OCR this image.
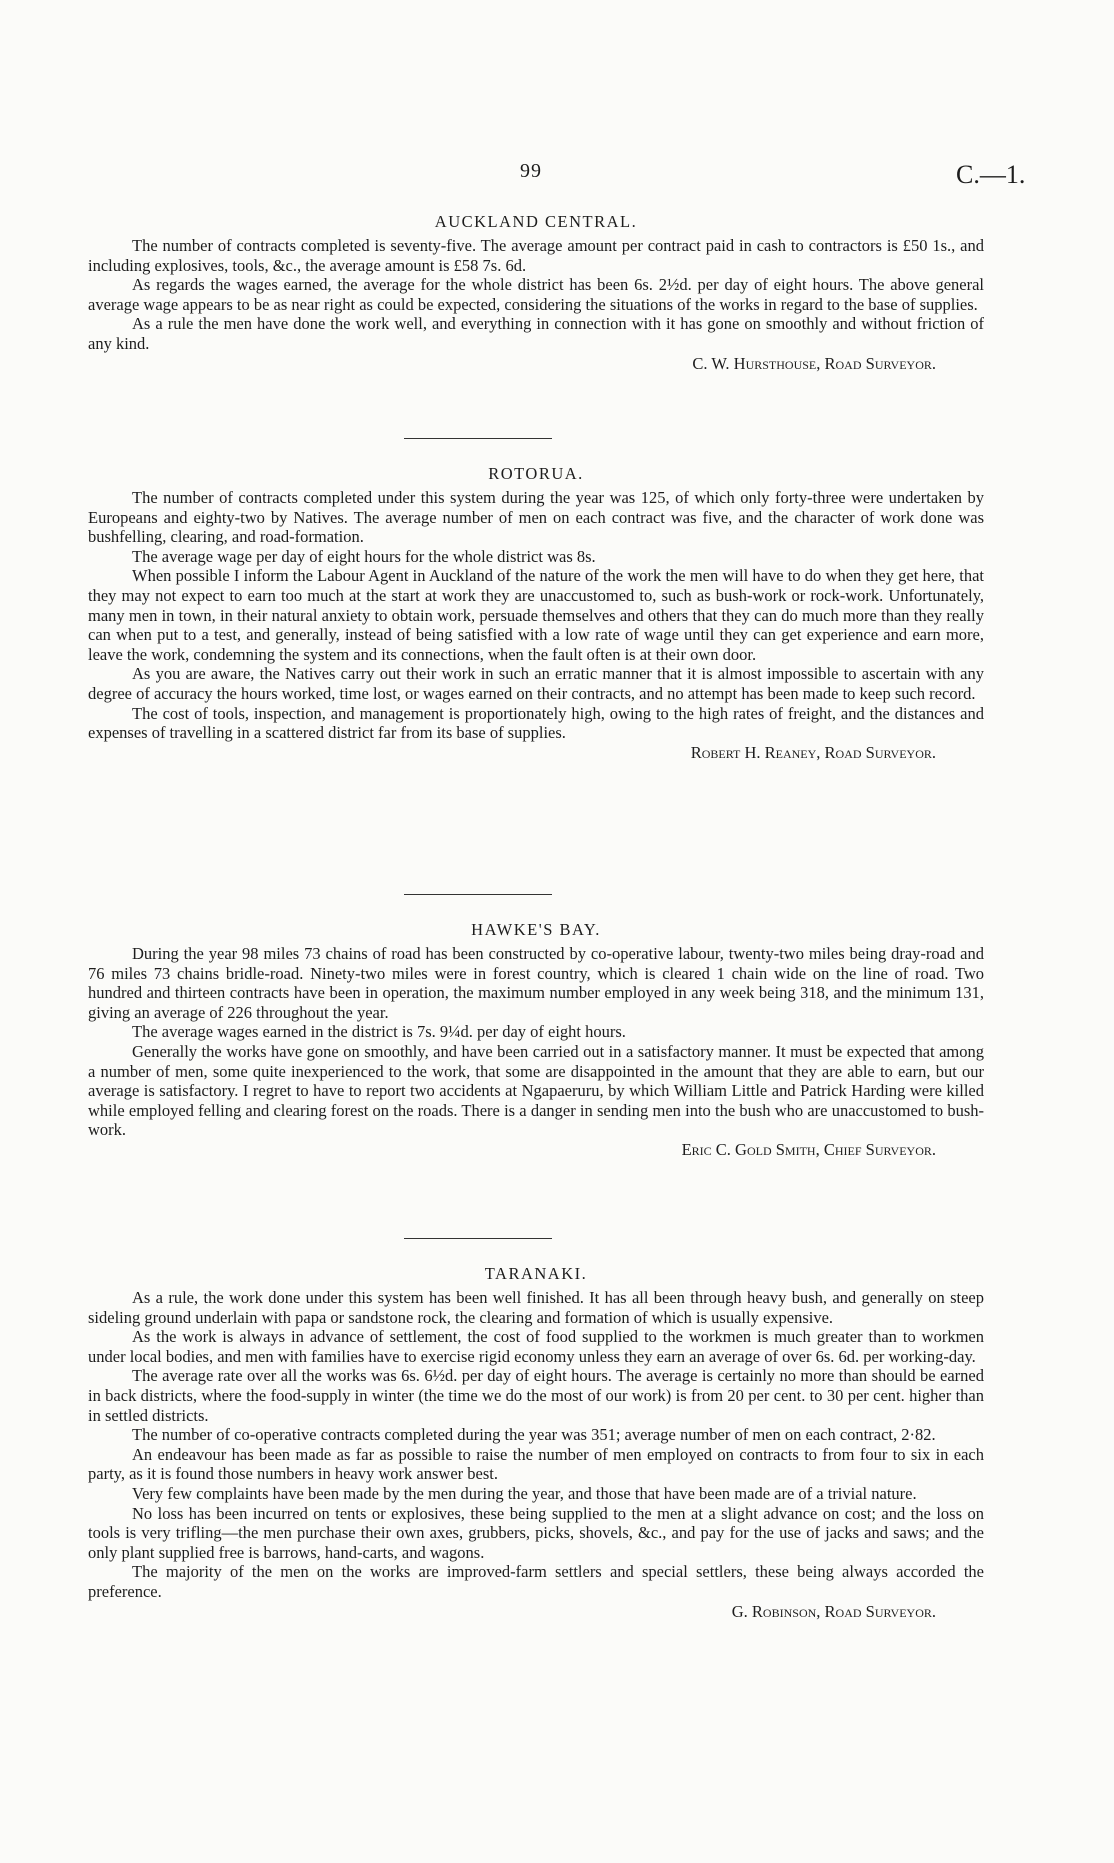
99	C.—1.
AUCKLAND CENTRAL.

The number of contracts completed is seventy-five. The average amount per contract paid in cash to contractors is £50 1s., and including explosives, tools, &c., the average amount is £58 7s. 6d.

As regards the wages earned, the average for the whole district has been 6s. 2½d. per day of eight hours. The above general average wage appears to be as near right as could be expected, considering the situations of the works in regard to the base of supplies.

As a rule the men have done the work well, and everything in connection with it has gone on smoothly and without friction of any kind.

C. W. Hursthouse, Road Surveyor.

ROTORUA.

The number of contracts completed under this system during the year was 125, of which only forty-three were undertaken by Europeans and eighty-two by Natives. The average number of men on each contract was five, and the character of work done was bushfelling, clearing, and road-formation.

The average wage per day of eight hours for the whole district was 8s.

When possible I inform the Labour Agent in Auckland of the nature of the work the men will have to do when they get here, that they may not expect to earn too much at the start at work they are unaccustomed to, such as bush-work or rock-work. Unfortunately, many men in town, in their natural anxiety to obtain work, persuade themselves and others that they can do much more than they really can when put to a test, and generally, instead of being satisfied with a low rate of wage until they can get experience and earn more, leave the work, condemning the system and its connections, when the fault often is at their own door.

As you are aware, the Natives carry out their work in such an erratic manner that it is almost impossible to ascertain with any degree of accuracy the hours worked, time lost, or wages earned on their contracts, and no attempt has been made to keep such record.

The cost of tools, inspection, and management is proportionately high, owing to the high rates of freight, and the distances and expenses of travelling in a scattered district far from its base of supplies.

Robert H. Reaney, Road Surveyor.

HAWKE'S BAY.

During the year 98 miles 73 chains of road has been constructed by co-operative labour, twenty-two miles being dray-road and 76 miles 73 chains bridle-road. Ninety-two miles were in forest country, which is cleared 1 chain wide on the line of road. Two hundred and thirteen contracts have been in operation, the maximum number employed in any week being 318, and the minimum 131, giving an average of 226 throughout the year.

The average wages earned in the district is 7s. 9¼d. per day of eight hours.

Generally the works have gone on smoothly, and have been carried out in a satisfactory manner. It must be expected that among a number of men, some quite inexperienced to the work, that some are disappointed in the amount that they are able to earn, but our average is satisfactory. I regret to have to report two accidents at Ngapaeruru, by which William Little and Patrick Harding were killed while employed felling and clearing forest on the roads. There is a danger in sending men into the bush who are unaccustomed to bush-work.

Eric C. Gold Smith, Chief Surveyor.

TARANAKI.

As a rule, the work done under this system has been well finished. It has all been through heavy bush, and generally on steep sideling ground underlain with papa or sandstone rock, the clearing and formation of which is usually expensive.

As the work is always in advance of settlement, the cost of food supplied to the workmen is much greater than to workmen under local bodies, and men with families have to exercise rigid economy unless they earn an average of over 6s. 6d. per working-day.

The average rate over all the works was 6s. 6½d. per day of eight hours. The average is certainly no more than should be earned in back districts, where the food-supply in winter (the time we do the most of our work) is from 20 per cent. to 30 per cent. higher than in settled districts.

The number of co-operative contracts completed during the year was 351; average number of men on each contract, 2·82.

An endeavour has been made as far as possible to raise the number of men employed on contracts to from four to six in each party, as it is found those numbers in heavy work answer best.

Very few complaints have been made by the men during the year, and those that have been made are of a trivial nature.

No loss has been incurred on tents or explosives, these being supplied to the men at a slight advance on cost; and the loss on tools is very trifling—the men purchase their own axes, grubbers, picks, shovels, &c., and pay for the use of jacks and saws; and the only plant supplied free is barrows, hand-carts, and wagons.

The majority of the men on the works are improved-farm settlers and special settlers, these being always accorded the preference.

G. Robinson, Road Surveyor.
